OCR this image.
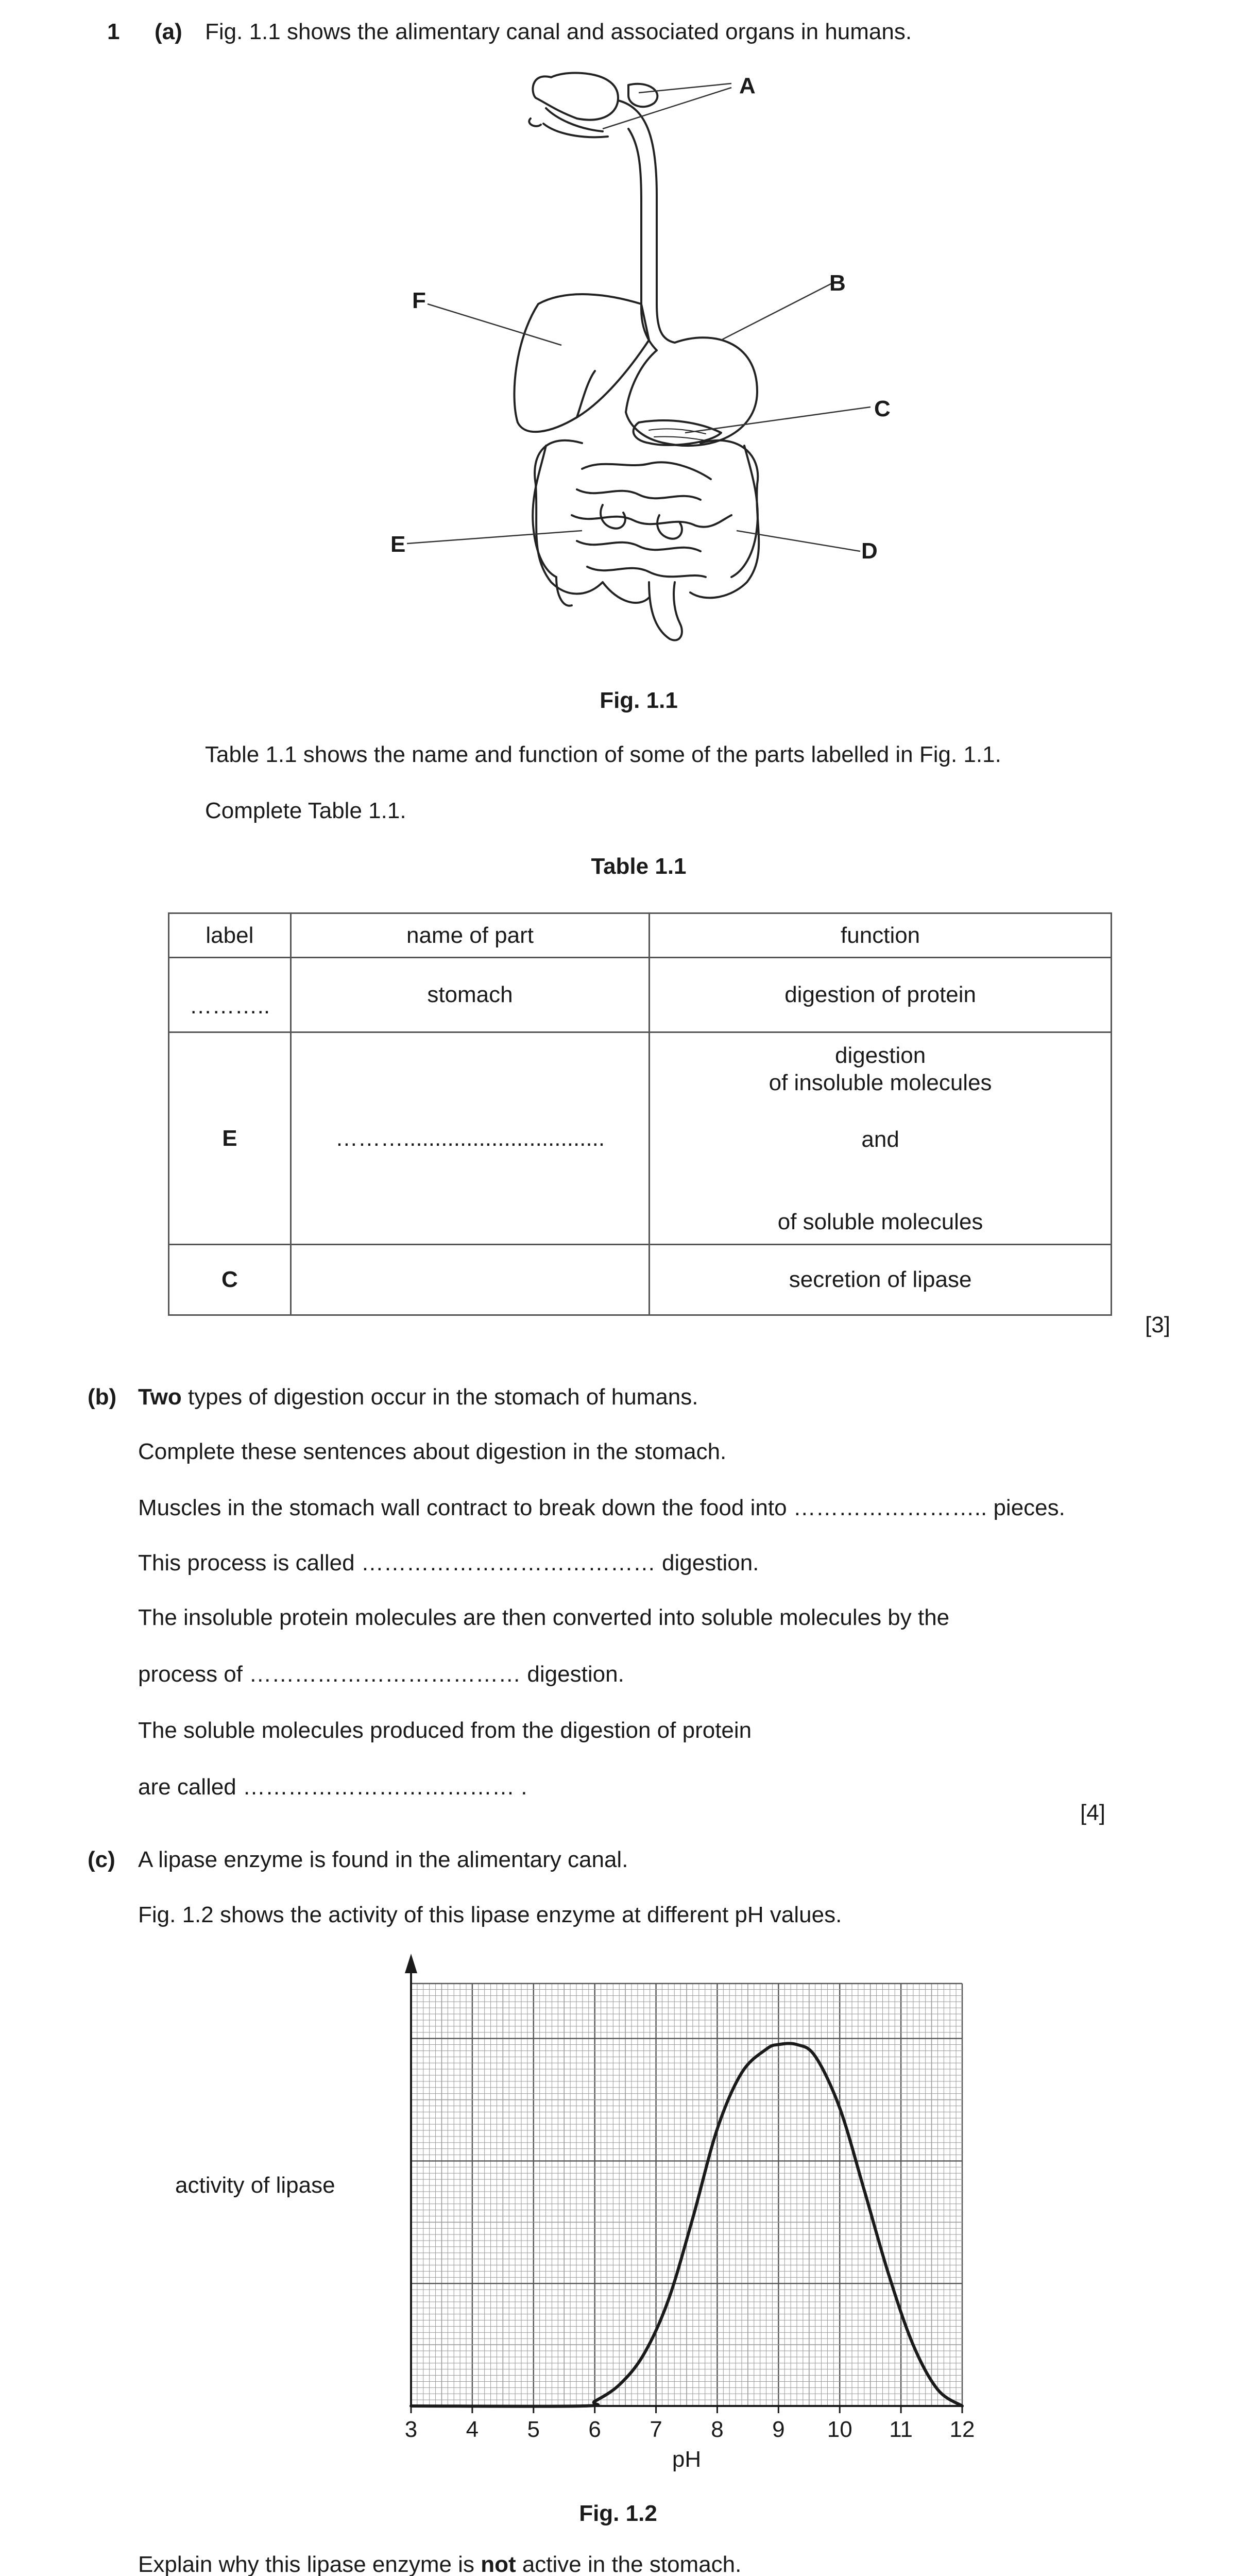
1 (a) Fig. 1.1 shows the alimentary canal and associated organs in humans.
A
B
C
D
E
F
Fig. 1.1
Table 1.1 shows the name and function of some of the parts labelled in Fig. 1.1.
Complete Table 1.1.
Table 1.1
label	name of part	function
………..	stomach	digestion of protein
E	………................................	digestion
of insoluble molecules
and
of soluble molecules

C		secretion of lipase
[3]
(b) Two types of digestion occur in the stomach of humans.
Complete these sentences about digestion in the stomach.
Muscles in the stomach wall contract to break down the food into …………………….. pieces.
This process is called ………………………………… digestion.
The insoluble protein molecules are then converted into soluble molecules by the
process of ……………………………… digestion.
The soluble molecules produced from the digestion of protein
are called ……………………………… .
[4]
(c) A lipase enzyme is found in the alimentary canal.
Fig. 1.2 shows the activity of this lipase enzyme at different pH values.
activity of lipase
3 4 5 6 7 8 9 10 11 12
pH
Fig. 1.2
Explain why this lipase enzyme is not active in the stomach.
